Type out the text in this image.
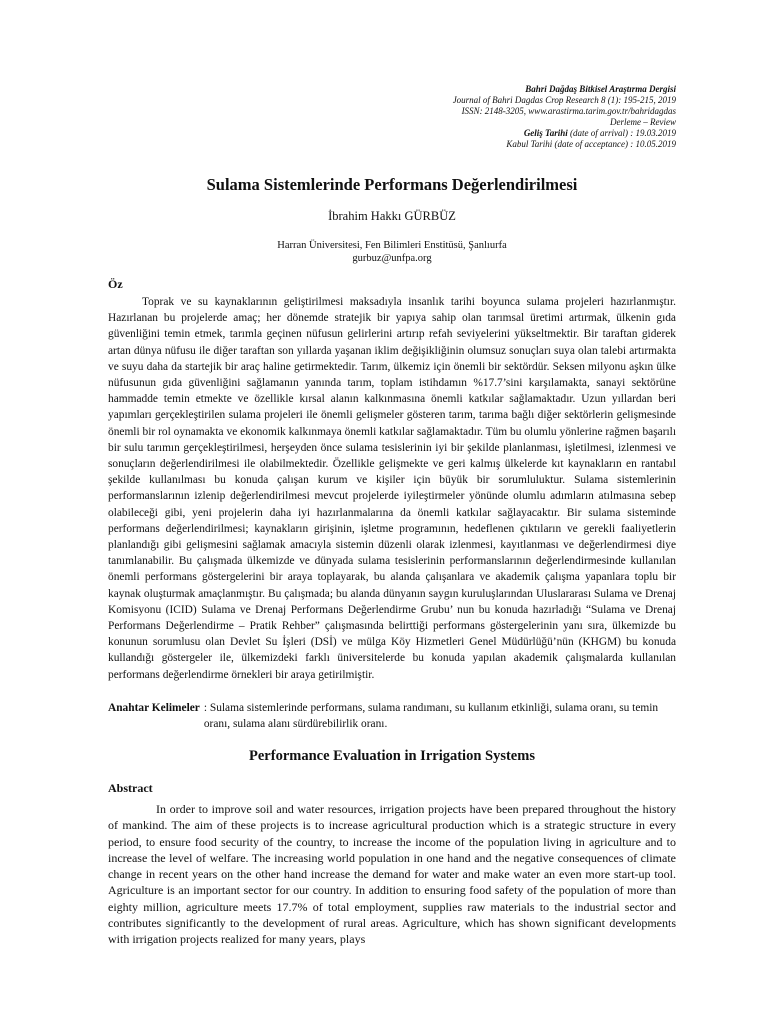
Bahri Dağdaş Bitkisel Araştırma Dergisi
Journal of Bahri Dagdas Crop Research 8 (1): 195-215, 2019
ISSN: 2148-3205, www.arastirma.tarim.gov.tr/bahridagdas
Derleme – Review
Geliş Tarihi (date of arrival) : 19.03.2019
Kabul Tarihi (date of acceptance) : 10.05.2019
Sulama Sistemlerinde Performans Değerlendirilmesi
İbrahim Hakkı GÜRBÜZ
Harran Üniversitesi, Fen Bilimleri Enstitüsü, Şanlıurfa
gurbuz@unfpa.org
Öz

Toprak ve su kaynaklarının geliştirilmesi maksadıyla insanlık tarihi boyunca sulama projeleri hazırlanmıştır. Hazırlanan bu projelerde amaç; her dönemde stratejik bir yapıya sahip olan tarımsal üretimi artırmak, ülkenin gıda güvenliğini temin etmek, tarımla geçinen nüfusun gelirlerini artırıp refah seviyelerini yükseltmektir. Bir taraftan giderek artan dünya nüfusu ile diğer taraftan son yıllarda yaşanan iklim değişikliğinin olumsuz sonuçları suya olan talebi artırmakta ve suyu daha da startejik bir araç haline getirmektedir. Tarım, ülkemiz için önemli bir sektördür. Seksen milyonu aşkın ülke nüfusunun gıda güvenliğini sağlamanın yanında tarım, toplam istihdamın %17.7’sini karşılamakta, sanayi sektörüne hammadde temin etmekte ve özellikle kırsal alanın kalkınmasına önemli katkılar sağlamaktadır. Uzun yıllardan beri yapımları gerçekleştirilen sulama projeleri ile önemli gelişmeler gösteren tarım, tarıma bağlı diğer sektörlerin gelişmesinde önemli bir rol oynamakta ve ekonomik kalkınmaya önemli katkılar sağlamaktadır. Tüm bu olumlu yönlerine rağmen başarılı bir sulu tarımın gerçekleştirilmesi, herşeyden önce sulama tesislerinin iyi bir şekilde planlanması, işletilmesi, izlenmesi ve sonuçların değerlendirilmesi ile olabilmektedir. Özellikle gelişmekte ve geri kalmış ülkelerde kıt kaynakların en rantabıl şekilde kullanılması bu konuda çalışan kurum ve kişiler için büyük bir sorumluluktur. Sulama sistemlerinin performanslarının izlenip değerlendirilmesi mevcut projelerde iyileştirmeler yönünde olumlu adımların atılmasına sebep olabileceği gibi, yeni projelerin daha iyi hazırlanmalarına da önemli katkılar sağlayacaktır. Bir sulama sisteminde performans değerlendirilmesi; kaynakların girişinin, işletme programının, hedeflenen çıktıların ve gerekli faaliyetlerin planlandığı gibi gelişmesini sağlamak amacıyla sistemin düzenli olarak izlenmesi, kayıtlanması ve değerlendirmesi diye tanımlanabilir. Bu çalışmada ülkemizde ve dünyada sulama tesislerinin performanslarının değerlendirmesinde kullanılan önemli performans göstergelerini bir araya toplayarak, bu alanda çalışanlara ve akademik çalışma yapanlara toplu bir kaynak oluşturmak amaçlanmıştır. Bu çalışmada; bu alanda dünyanın saygın kuruluşlarından Uluslararası Sulama ve Drenaj Komisyonu (ICID) Sulama ve Drenaj Performans Değerlendirme Grubu’ nun bu konuda hazırladığı “Sulama ve Drenaj Performans Değerlendirme – Pratik Rehber” çalışmasında belirttiği performans göstergelerinin yanı sıra, ülkemizde bu konunun sorumlusu olan Devlet Su İşleri (DSİ) ve mülga Köy Hizmetleri Genel Müdürlüğü’nün (KHGM) bu konuda kullandığı göstergeler ile, ülkemizdeki farklı üniversitelerde bu konuda yapılan akademik çalışmalarda kullanılan performans değerlendirme örnekleri bir araya getirilmiştir.

Anahtar Kelimeler : Sulama sistemlerinde performans, sulama randımanı, su kullanım etkinliği, sulama oranı, su temin oranı, sulama alanı sürdürebilirlik oranı.
Performance Evaluation in Irrigation Systems
Abstract

In order to improve soil and water resources, irrigation projects have been prepared throughout the history of mankind. The aim of these projects is to increase agricultural production which is a strategic structure in every period, to ensure food security of the country, to increase the income of the population living in agriculture and to increase the level of welfare. The increasing world population in one hand and the negative consequences of climate change in recent years on the other hand increase the demand for water and make water an even more start-up tool. Agriculture is an important sector for our country. In addition to ensuring food safety of the population of more than eighty million, agriculture meets 17.7% of total employment, supplies raw materials to the industrial sector and contributes significantly to the development of rural areas. Agriculture, which has shown significant developments with irrigation projects realized for many years, plays
